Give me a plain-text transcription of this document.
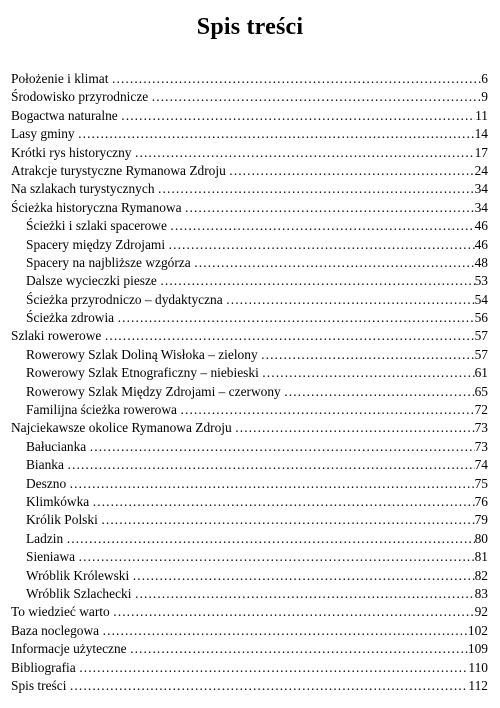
Spis treści
Położenie i klimat ……………………………………………………………………………………………………………………	6
Środowisko przyrodnicze ……………………………………………………………………………………………………………………	9
Bogactwa naturalne ……………………………………………………………………………………………………………………	11
Lasy gminy ……………………………………………………………………………………………………………………	14
Krótki rys historyczny ……………………………………………………………………………………………………………………	17
Atrakcje turystyczne Rymanowa Zdroju ……………………………………………………………………………………………………………………	24
Na szlakach turystycznych ……………………………………………………………………………………………………………………	34
Ścieżka historyczna Rymanowa ……………………………………………………………………………………………………………………	34
Ścieżki i szlaki spacerowe ……………………………………………………………………………………………………………………	46
Spacery między Zdrojami ……………………………………………………………………………………………………………………	46
Spacery na najbliższe wzgórza ……………………………………………………………………………………………………………………	48
Dalsze wycieczki piesze ……………………………………………………………………………………………………………………	53
Ścieżka przyrodniczo – dydaktyczna ……………………………………………………………………………………………………………………	54
Ścieżka zdrowia ……………………………………………………………………………………………………………………	56
Szlaki rowerowe ……………………………………………………………………………………………………………………	57
Rowerowy Szlak Doliną Wisłoka – zielony ……………………………………………………………………………………………………………………	57
Rowerowy Szlak Etnograficzny – niebieski ……………………………………………………………………………………………………………………	61
Rowerowy Szlak Między Zdrojami – czerwony ……………………………………………………………………………………………………………………	65
Familijna ścieżka rowerowa ……………………………………………………………………………………………………………………	72
Najciekawsze okolice Rymanowa Zdroju ……………………………………………………………………………………………………………………	73
Bałucianka ……………………………………………………………………………………………………………………	73
Bianka ……………………………………………………………………………………………………………………	74
Deszno ……………………………………………………………………………………………………………………	75
Klimkówka ……………………………………………………………………………………………………………………	76
Królik Polski ……………………………………………………………………………………………………………………	79
Ladzin ……………………………………………………………………………………………………………………	80
Sieniawa ……………………………………………………………………………………………………………………	81
Wróblik Królewski ……………………………………………………………………………………………………………………	82
Wróblik Szlachecki ……………………………………………………………………………………………………………………	83
To wiedzieć warto ……………………………………………………………………………………………………………………	92
Baza noclegowa ……………………………………………………………………………………………………………………	102
Informacje użyteczne ……………………………………………………………………………………………………………………	109
Bibliografia ……………………………………………………………………………………………………………………	110
Spis treści ……………………………………………………………………………………………………………………	112
